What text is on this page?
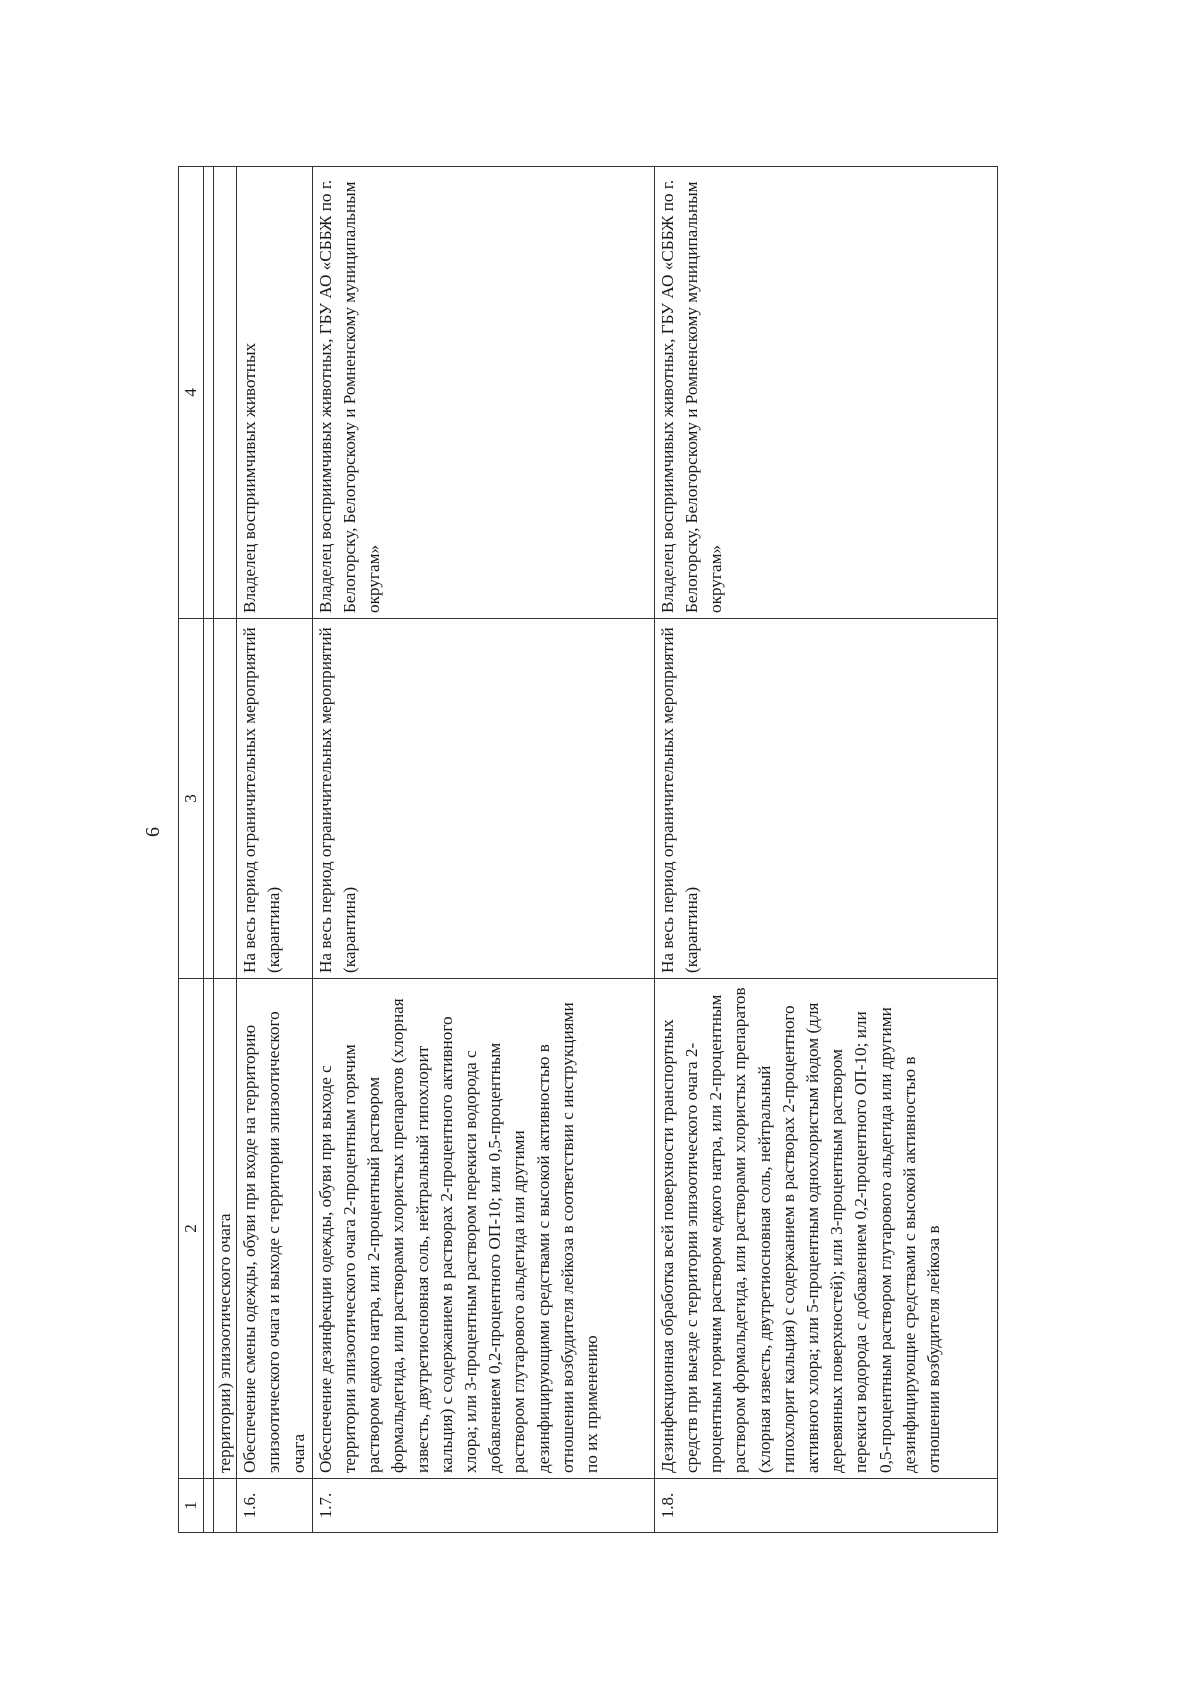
6
1	2	3	4

	территории) эпизоотического очага		
1.6.	Обеспечение смены одежды, обуви при входе на территорию эпизоотического очага и выходе с территории эпизоотического очага	На весь период ограничительных мероприятий (карантина)	Владелец восприимчивых животных
1.7.	Обеспечение дезинфекции одежды, обуви при выходе с территории эпизоотического очага 2-процентным горячим раствором едкого натра, или 2-процентный раствором формальдегида, или растворами хлористых препаратов (хлорная известь, двутретиосновная соль, нейтральный гипохлорит кальция) с содержанием в растворах 2-процентного активного хлора; или 3-процентным раствором перекиси водорода с добавлением 0,2-процентного ОП-10; или 0,5-процентным раствором глутарового альдегида или другими дезинфицирующими средствами с высокой активностью в отношении возбудителя лейкоза в соответствии с инструкциями по их применению	На весь период ограничительных мероприятий (карантина)	Владелец восприимчивых животных, ГБУ АО «СББЖ по г. Белогорску, Белогорскому и Ромненскому муниципальным округам»
1.8.	Дезинфекционная обработка всей поверхности транспортных средств при выезде с территории эпизоотического очага 2-процентным горячим раствором едкого натра, или 2-процентным раствором формальдегида, или растворами хлористых препаратов (хлорная известь, двутретиосновная соль, нейтральный гипохлорит кальция) с содержанием в растворах 2-процентного активного хлора; или 5-процентным однохлористым йодом (для деревянных поверхностей); или 3-процентным раствором перекиси водорода с добавлением 0,2-процентного ОП-10; или 0,5-процентным раствором глутарового альдегида или другими дезинфицирующие средствами с высокой активностью в отношении возбудителя лейкоза в	На весь период ограничительных мероприятий (карантина)	Владелец восприимчивых животных, ГБУ АО «СББЖ по г. Белогорску, Белогорскому и Ромненскому муниципальным округам»
